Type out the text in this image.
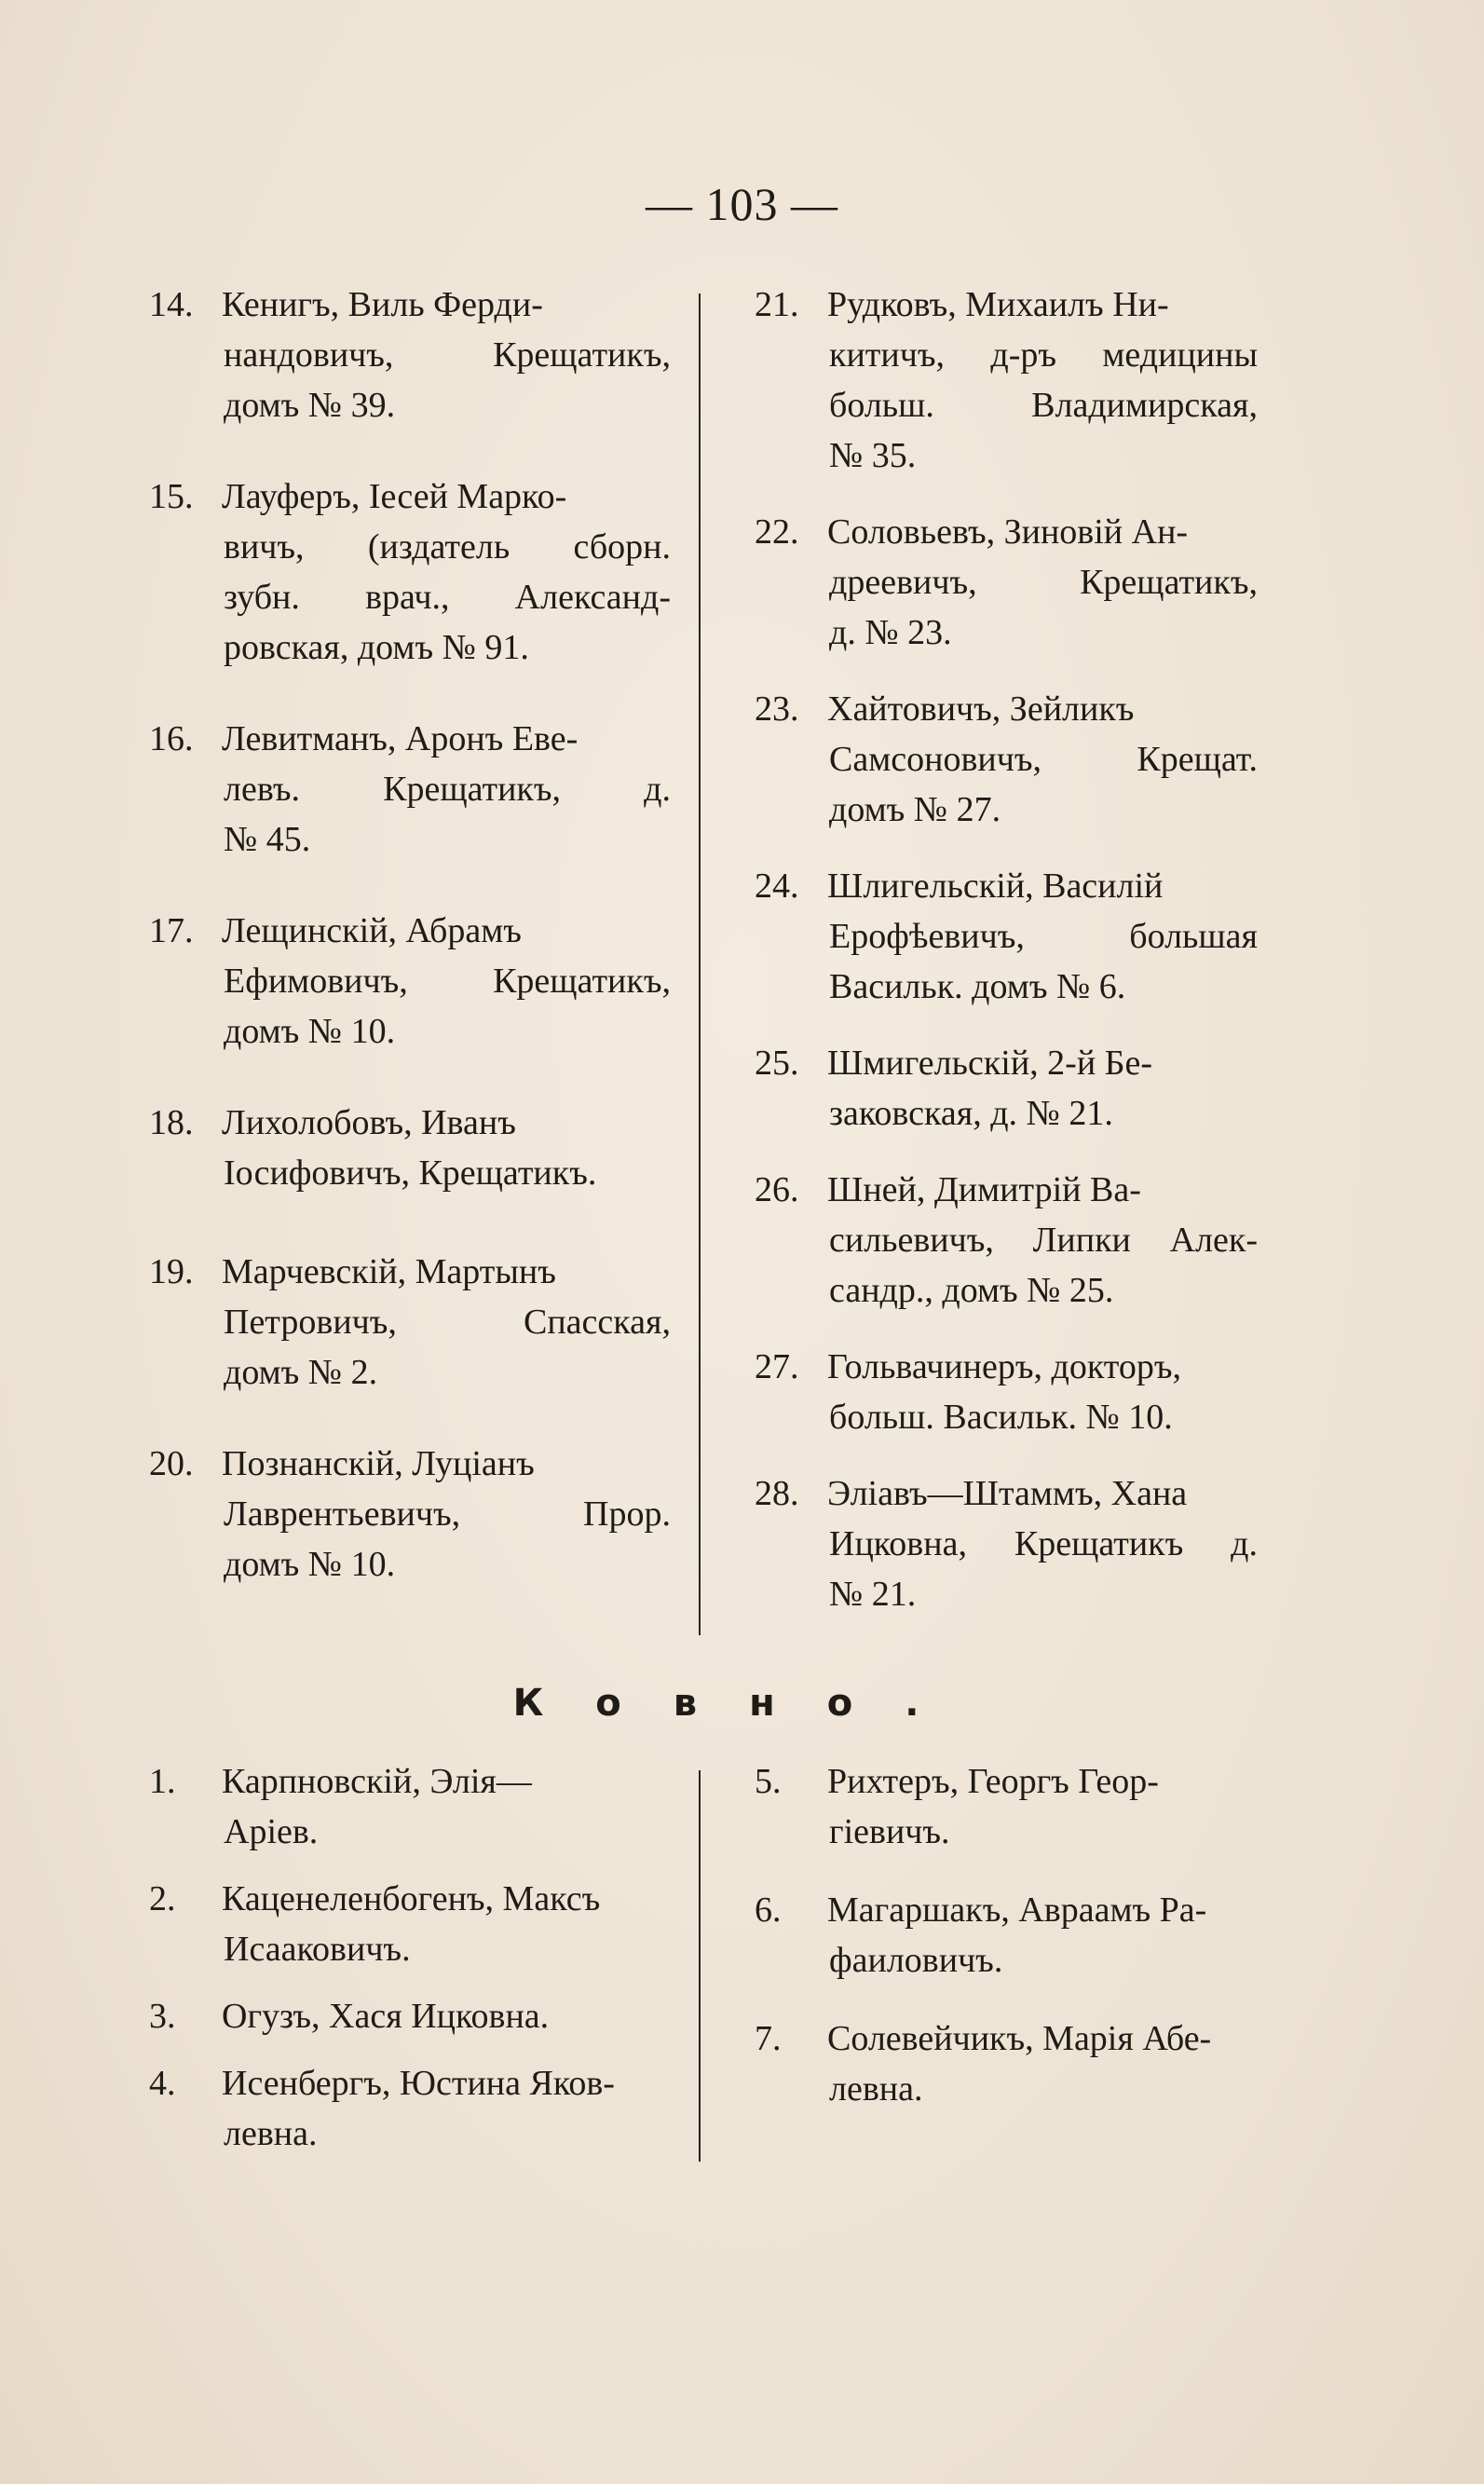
— 103 —
14. Кенигъ, Виль Ферди-
нандовичъ, Крещатикъ,
домъ № 39.
15. Лауферъ, Іесей Марко-
вичъ, (издатель сборн.
зубн. врач., Александ-
ровская, домъ № 91.
16. Левитманъ, Аронъ Еве-
левъ. Крещатикъ, д.
№ 45.
17. Лещинскій, Абрамъ
Ефимовичъ, Крещатикъ,
домъ № 10.
18. Лихолобовъ, Иванъ
Іосифовичъ, Крещатикъ.
19. Марчевскій, Мартынъ
Петровичъ, Спасская,
домъ № 2.
20. Познанскій, Луціанъ
Лаврентьевичъ, Прор.
домъ № 10.
21. Рудковъ, Михаилъ Ни-
китичъ, д-ръ медицины
больш. Владимирская,
№ 35.
22. Соловьевъ, Зиновій Ан-
дреевичъ, Крещатикъ,
д. № 23.
23. Хайтовичъ, Зейликъ
Самсоновичъ, Крещат.
домъ № 27.
24. Шлигельскій, Василій
Ерофѣевичъ, большая
Васильк. домъ № 6.
25. Шмигельскій, 2-й Бе-
заковская, д. № 21.
26. Шней, Димитрій Ва-
сильевичъ, Липки Алек-
сандр., домъ № 25.
27. Гольвачинеръ, докторъ,
больш. Васильк. № 10.
28. Эліавъ—Штаммъ, Хана
Ицковна, Крещатикъ д.
№ 21.
Ковно.
1. Карпновскій, Элія—
Аріев.
2. Каценеленбогенъ, Максъ
Исааковичъ.
3. Огузъ, Хася Ицковна.
4. Исенбергъ, Юстина Яков-
левна.
5. Рихтеръ, Георгъ Геор-
гіевичъ.
6. Магаршакъ, Авраамъ Ра-
фаиловичъ.
7. Солевейчикъ, Марія Абе-
левна.
